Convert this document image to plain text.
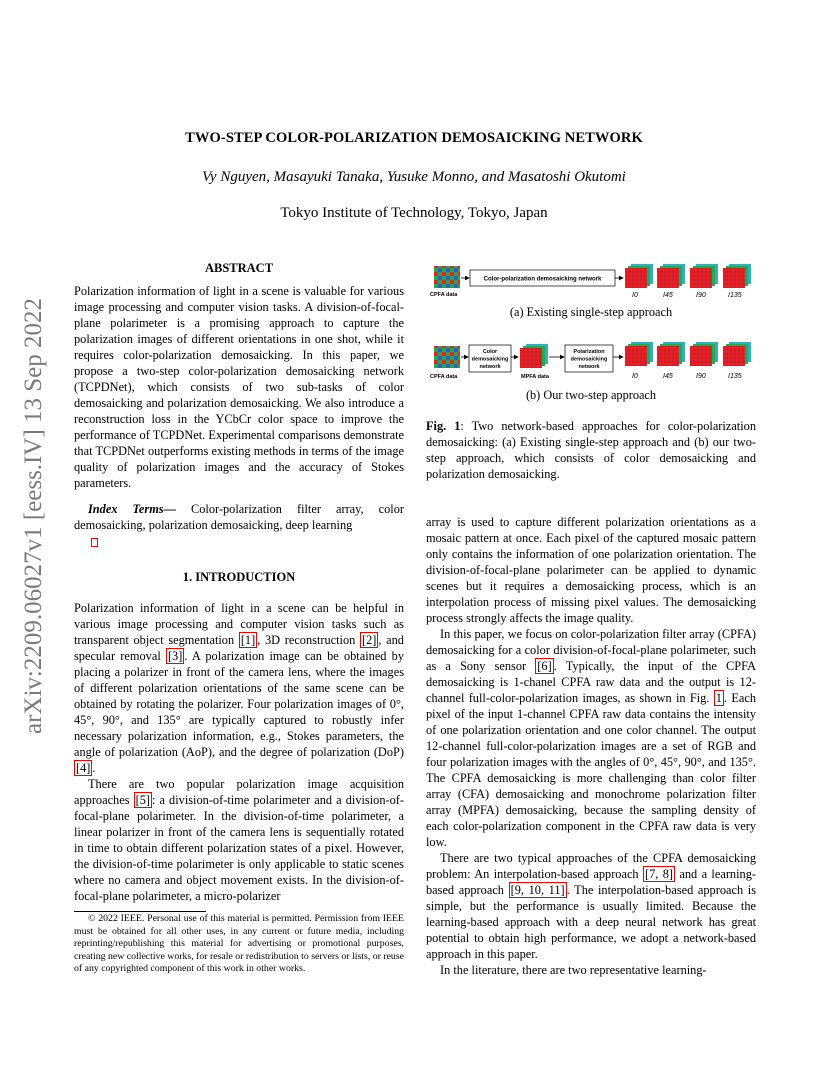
arXiv:2209.06027v1 [eess.IV] 13 Sep 2022
TWO-STEP COLOR-POLARIZATION DEMOSAICKING NETWORK
Vy Nguyen, Masayuki Tanaka, Yusuke Monno, and Masatoshi Okutomi
Tokyo Institute of Technology, Tokyo, Japan

ABSTRACT

Polarization information of light in a scene is valuable for various image processing and computer vision tasks. A division-of-focal-plane polarimeter is a promising approach to capture the polarization images of different orientations in one shot, while it requires color-polarization demosaicking. In this paper, we propose a two-step color-polarization demosaicking network (TCPDNet), which consists of two sub-tasks of color demosaicking and polarization demosaicking. We also introduce a reconstruction loss in the YCbCr color space to improve the performance of TCPDNet. Experimental comparisons demonstrate that TCPDNet outperforms existing methods in terms of the image quality of polarization images and the accuracy of Stokes parameters.

Index Terms— Color-polarization filter array, color demosaicking, polarization demosaicking, deep learning

1. INTRODUCTION

Polarization information of light in a scene can be helpful in various image processing and computer vision tasks such as transparent object segmentation [1] , 3D reconstruction [2] , and specular removal [3] . A polarization image can be obtained by placing a polarizer in front of the camera lens, where the images of different polarization orientations of the same scene can be obtained by rotating the polarizer. Four polarization images of 0°, 45°, 90°, and 135° are typically captured to robustly infer necessary polarization information, e.g., Stokes parameters, the angle of polarization (AoP), and the degree of polarization (DoP) [4] .

There are two popular polarization image acquisition approaches [5] : a division-of-time polarimeter and a division-of-focal-plane polarimeter. In the division-of-time polarimeter, a linear polarizer in front of the camera lens is sequentially rotated in time to obtain different polarization states of a pixel. However, the division-of-time polarimeter is only applicable to static scenes where no camera and object movement exists. In the division-of-focal-plane polarimeter, a micro-polarizer

© 2022 IEEE. Personal use of this material is permitted. Permission from IEEE must be obtained for all other uses, in any current or future media, including reprinting/republishing this material for advertising or promotional purposes, creating new collective works, for resale or redistribution to servers or lists, or reuse of any copyrighted component of this work in other works.
CPFA data
Color-polarization demosaicking network
I0	I45	I90	I135
CPFA data
Color
demosaicking
network
MPFA data
Polarization
demosaicking
network
I0	I45	I90	I135
(a) Existing single-step approach
(b) Our two-step approach
Fig. 1: Two network-based approaches for color-polarization demosaicking: (a) Existing single-step approach and (b) our two-step approach, which consists of color demosaicking and polarization demosaicking.

array is used to capture different polarization orientations as a mosaic pattern at once. Each pixel of the captured mosaic pattern only contains the information of one polarization orientation. The division-of-focal-plane polarimeter can be applied to dynamic scenes but it requires a demosaicking process, which is an interpolation process of missing pixel values. The demosaicking process strongly affects the image quality.

In this paper, we focus on color-polarization filter array (CPFA) demosaicking for a color division-of-focal-plane polarimeter, such as a Sony sensor [6] . Typically, the input of the CPFA demosaicking is 1-chanel CPFA raw data and the output is 12-channel full-color-polarization images, as shown in Fig. 1 . Each pixel of the input 1-channel CPFA raw data contains the intensity of one polarization orientation and one color channel. The output 12-channel full-color-polarization images are a set of RGB and four polarization images with the angles of 0°, 45°, 90°, and 135°. The CPFA demosaicking is more challenging than color filter array (CFA) demosaicking and monochrome polarization filter array (MPFA) demosaicking, because the sampling density of each color-polarization component in the CPFA raw data is very low.

There are two typical approaches of the CPFA demosaicking problem: An interpolation-based approach [7, 8] and a learning-based approach [9, 10, 11] . The interpolation-based approach is simple, but the performance is usually limited. Because the learning-based approach with a deep neural network has great potential to obtain high performance, we adopt a network-based approach in this paper.

In the literature, there are two representative learning-
